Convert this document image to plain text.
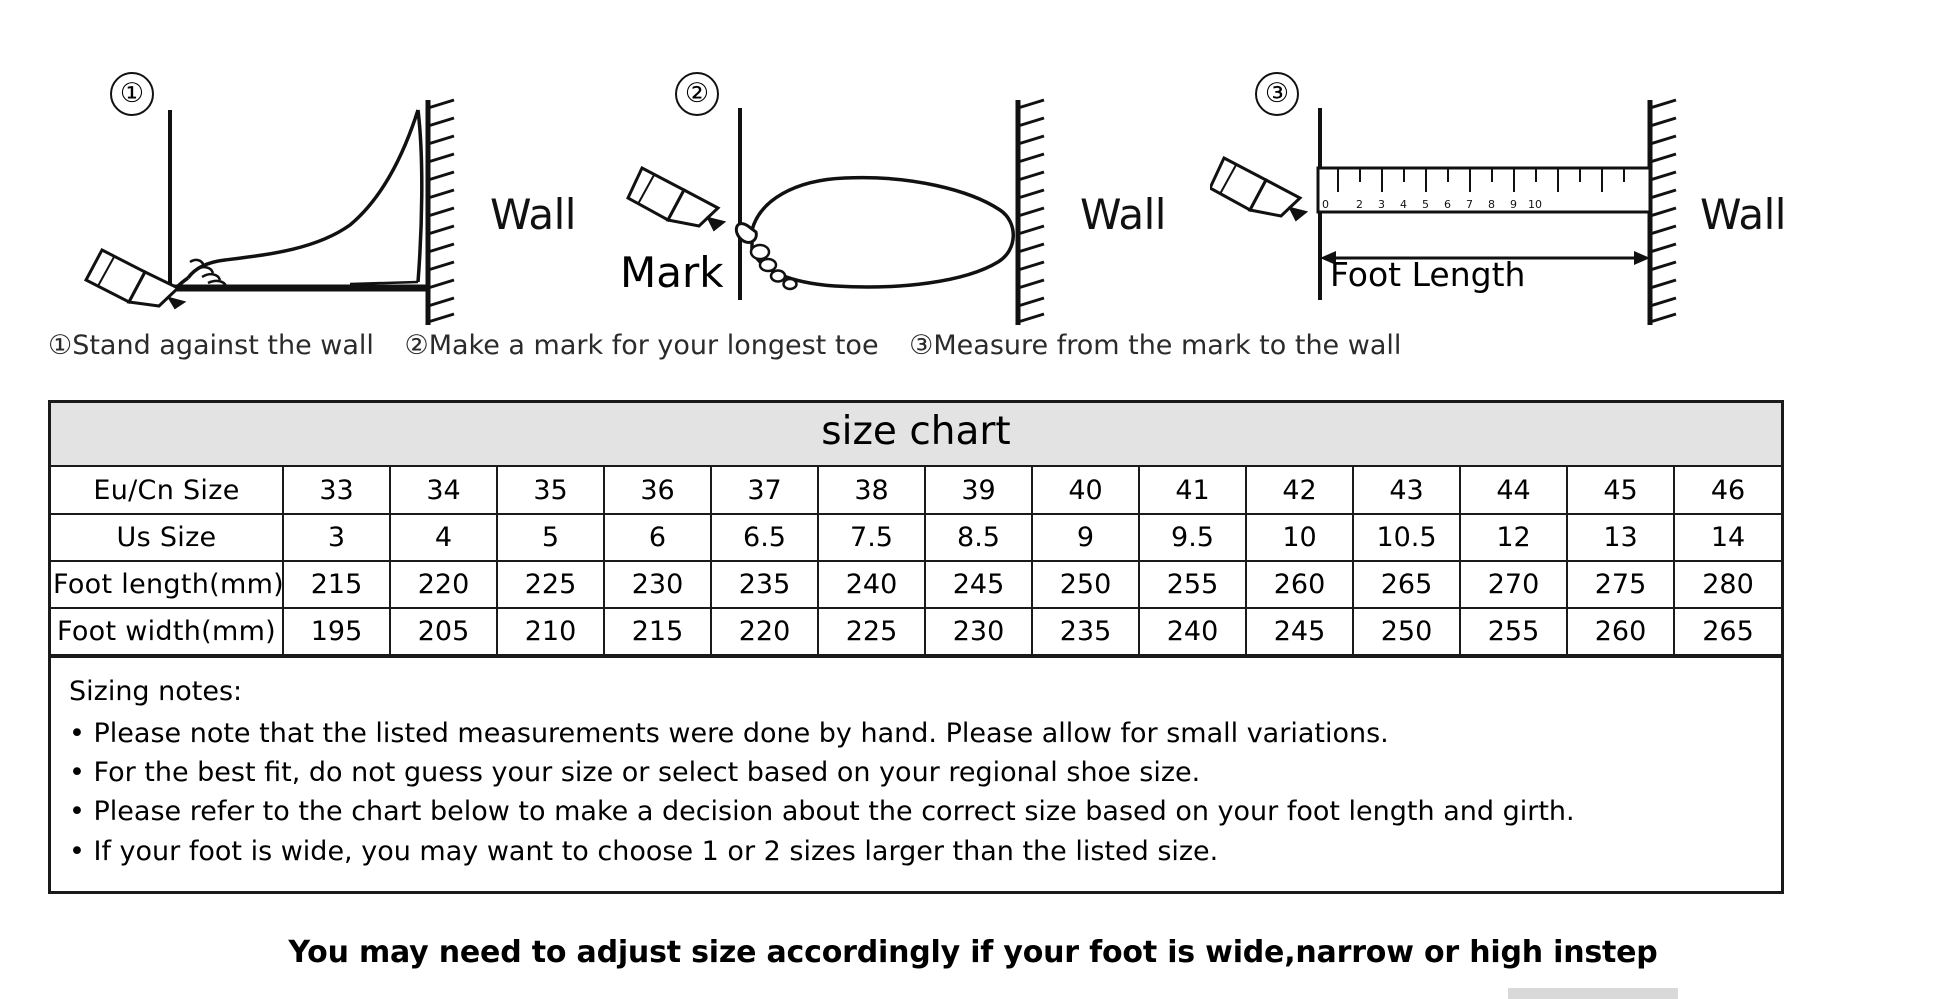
①
Wall
②
Mark
Wall
③
0 2 3 4 5 6 7 8 9 10
Foot Length
Wall
①Stand against the wall ②Make a mark for your longest toe ③Measure from the mark to the wall
size chart
Eu/Cn Size	33	34	35	36	37	38	39	40	41	42	43	44	45	46
Us Size	3	4	5	6	6.5	7.5	8.5	9	9.5	10	10.5	12	13	14
Foot length(mm)	215	220	225	230	235	240	245	250	255	260	265	270	275	280
Foot width(mm)	195	205	210	215	220	225	230	235	240	245	250	255	260	265
Sizing notes:
• Please note that the listed measurements were done by hand. Please allow for small variations.
• For the best fit, do not guess your size or select based on your regional shoe size.
• Please refer to the chart below to make a decision about the correct size based on your foot length and girth.
• If your foot is wide, you may want to choose 1 or 2 sizes larger than the listed size.
You may need to adjust size accordingly if your foot is wide,narrow or high instep
